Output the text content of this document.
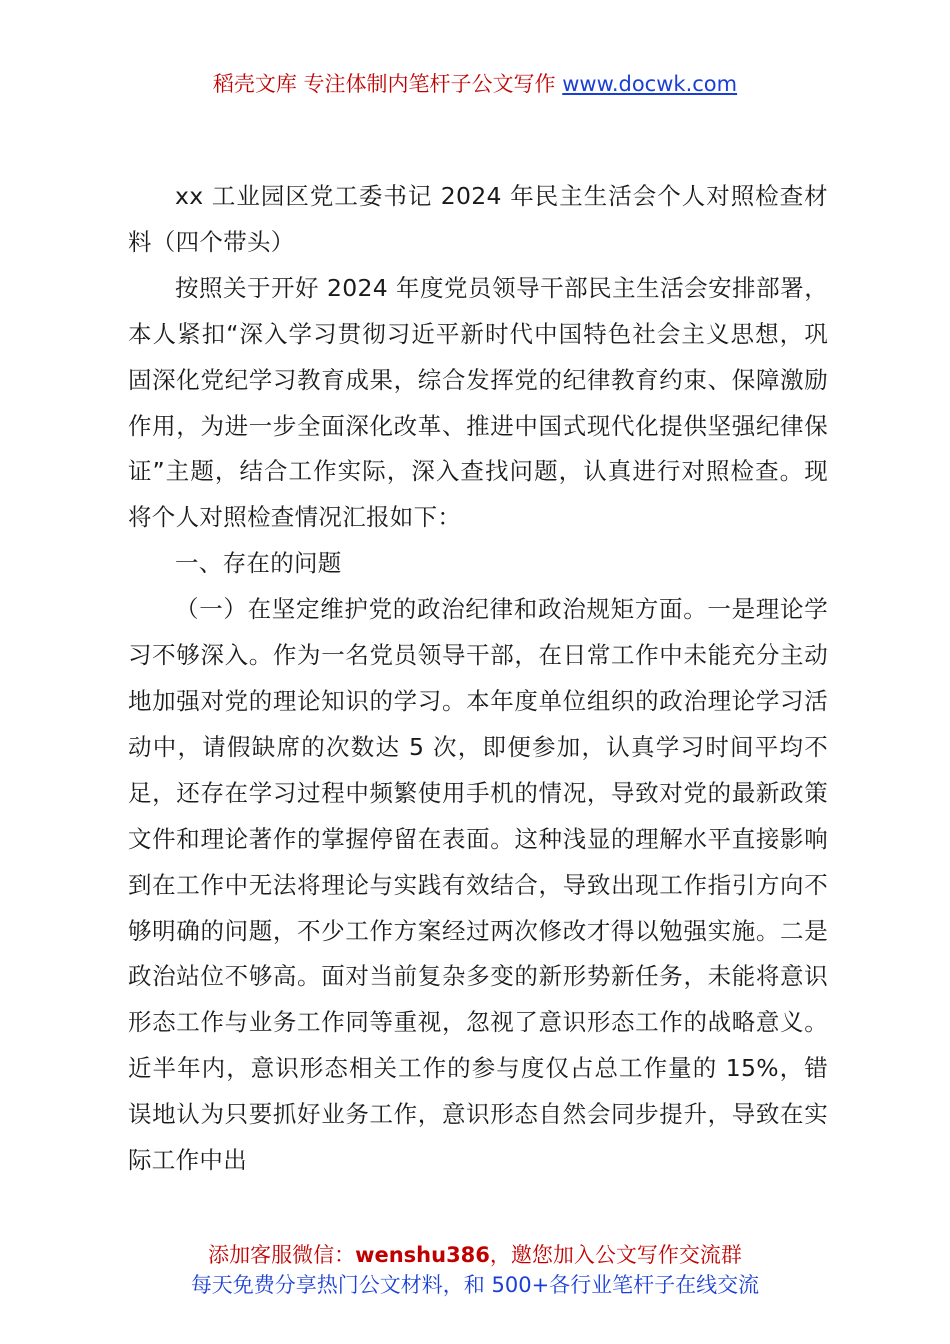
稻壳文库 专注体制内笔杆子公文写作 www.docwk.com

xx 工业园区党工委书记 2024 年民主生活会个人对照检查材料（四个带头）

按照关于开好 2024 年度党员领导干部民主生活会安排部署，本人紧扣“深入学习贯彻习近平新时代中国特色社会主义思想，巩固深化党纪学习教育成果，综合发挥党的纪律教育约束、保障激励作用，为进一步全面深化改革、推进中国式现代化提供坚强纪律保证”主题，结合工作实际，深入查找问题，认真进行对照检查。现将个人对照检查情况汇报如下：

一、存在的问题

（一）在坚定维护党的政治纪律和政治规矩方面。一是理论学习不够深入。作为一名党员领导干部，在日常工作中未能充分主动地加强对党的理论知识的学习。本年度单位组织的政治理论学习活动中，请假缺席的次数达 5 次，即便参加，认真学习时间平均不足，还存在学习过程中频繁使用手机的情况，导致对党的最新政策文件和理论著作的掌握停留在表面。这种浅显的理解水平直接影响到在工作中无法将理论与实践有效结合，导致出现工作指引方向不够明确的问题，不少工作方案经过两次修改才得以勉强实施。二是政治站位不够高。面对当前复杂多变的新形势新任务，未能将意识形态工作与业务工作同等重视，忽视了意识形态工作的战略意义。近半年内，意识形态相关工作的参与度仅占总工作量的 15%，错误地认为只要抓好业务工作，意识形态自然会同步提升，导致在实际工作中出

添加客服微信：wenshu386，邀您加入公文写作交流群
每天免费分享热门公文材料，和 500+各行业笔杆子在线交流
